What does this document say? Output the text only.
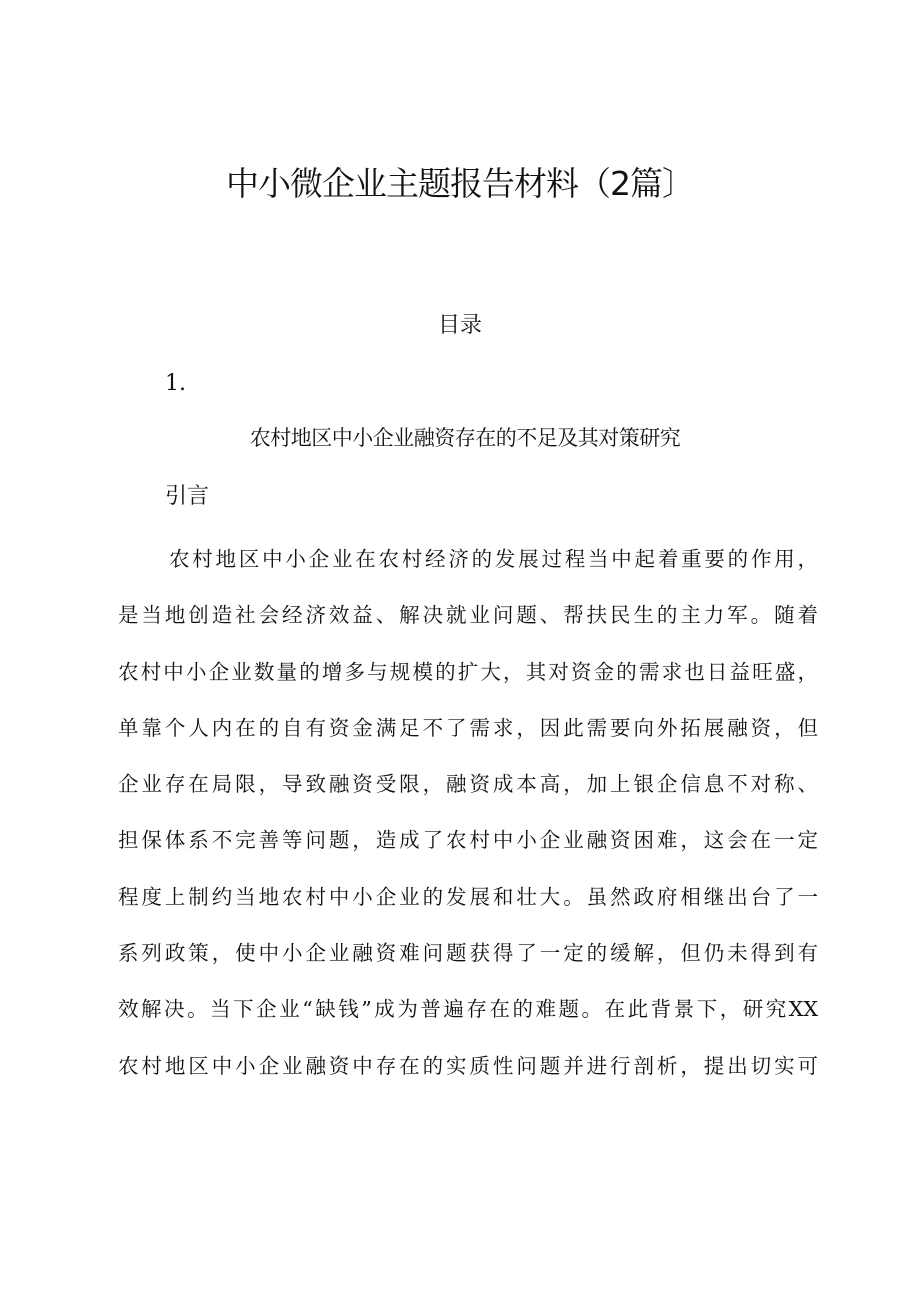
中小微企业主题报告材料（2篇〕
目录
1.
农村地区中小企业融资存在的不足及其对策研究
引言
农村地区中小企业在农村经济的发展过程当中起着重要的作用，
是当地创造社会经济效益、解决就业问题、帮扶民生的主力军。随着
农村中小企业数量的增多与规模的扩大，其对资金的需求也日益旺盛，
单靠个人内在的自有资金满足不了需求，因此需要向外拓展融资，但
企业存在局限，导致融资受限，融资成本高，加上银企信息不对称、
担保体系不完善等问题，造成了农村中小企业融资困难，这会在一定
程度上制约当地农村中小企业的发展和壮大。虽然政府相继出台了一
系列政策，使中小企业融资难问题获得了一定的缓解，但仍未得到有
效解决。当下企业“缺钱”成为普遍存在的难题。在此背景下，研究XX
农村地区中小企业融资中存在的实质性问题并进行剖析，提出切实可
